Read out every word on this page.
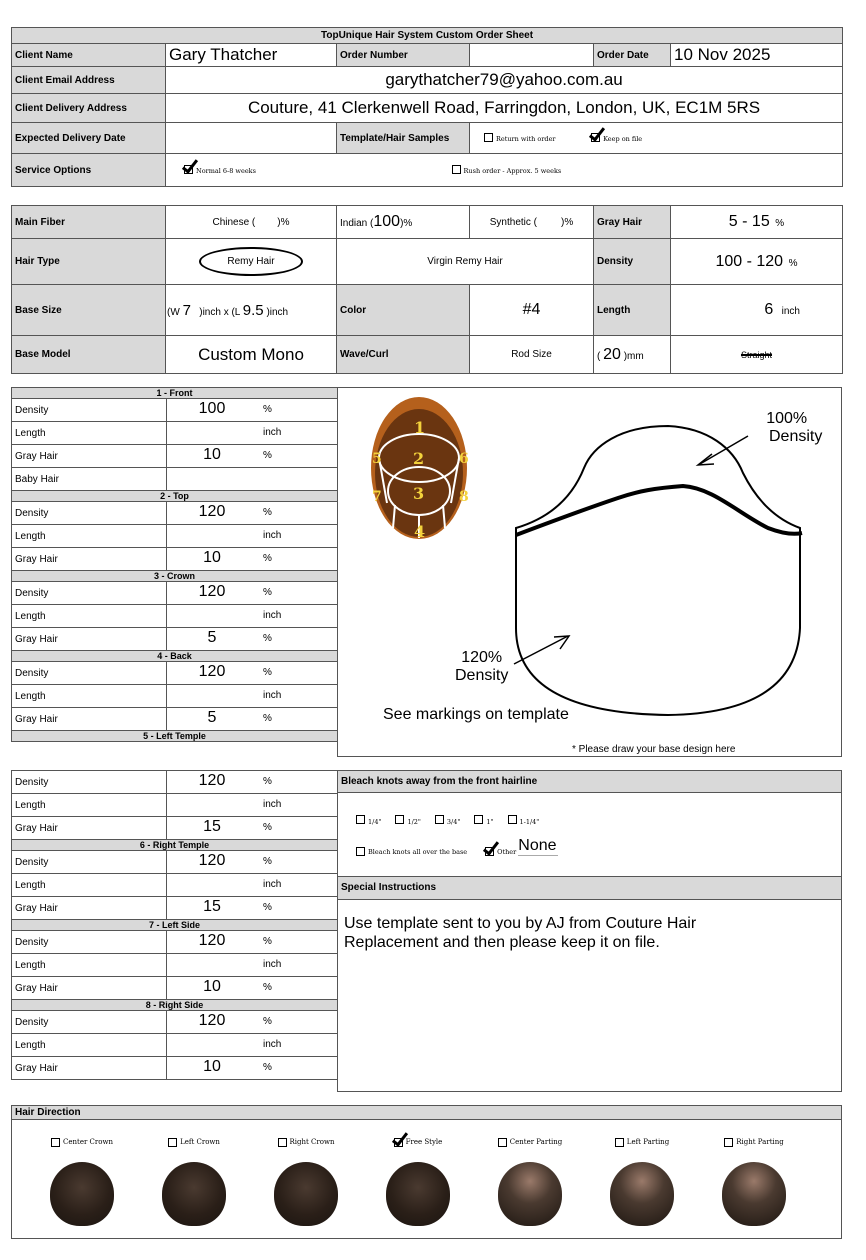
TopUnique Hair System Custom Order Sheet					
Client Name	Gary Thatcher	Order Number		Order Date	10 Nov 2025
Client Email Address	garythatcher79@yahoo.com.au				
Client Delivery Address	Couture, 41 Clerkenwell Road, Farringdon, London, UK, EC1M 5RS				
Expected Delivery Date		Template/Hair Samples	Return with order Keep on file		
Service Options	Normal 6-8 weeks Rush order - Approx. 5 weeks				
Main Fiber	Chinese ( )%	Indian (100)%	Synthetic ( )%	Gray Hair	5 - 15 %
Hair Type	Remy Hair	Virgin Remy Hair		Density	100 - 120 %
Base Size	(W 7 )inch x (L 9.5 )inch	Color	#4	Length	6 inch
Base Model	Custom Mono	Wave/Curl	Rod Size	( 20 )mm	Straight
1 - Front	
Density	100 %

Length	inch

Gray Hair	10 %

Baby Hair	

2 - Top	
Density	120 %

Length	inch

Gray Hair	10 %

3 - Crown	
Density	120 %

Length	inch

Gray Hair	5 %

4 - Back	
Density	120 %

Length	inch

Gray Hair	5 %

5 - Left Temple	
Density	120 %

Length	inch

Gray Hair	15 %

6 - Right Temple	
Density	120 %

Length	inch

Gray Hair	15 %

7 - Left Side	
Density	120 %

Length	inch

Gray Hair	10 %

8 - Right Side	
Density	120 %

Length	inch

Gray Hair	10 %
1
2
3
4
5	6
7	8
100%
Density
120%
Density
See markings on template
* Please draw your base design here
Bleach knots away from the front hairline
1/4"	1/2"	3/4"	1"	1-1/4"
Bleach knots all over the base	Other None
Special Instructions
Use template sent to you by AJ from Couture Hair Replacement and then please keep it on file.
Hair Direction
Center Crown	Left Crown	Right Crown	Free Style	Center Parting	Left Parting	Right Parting
